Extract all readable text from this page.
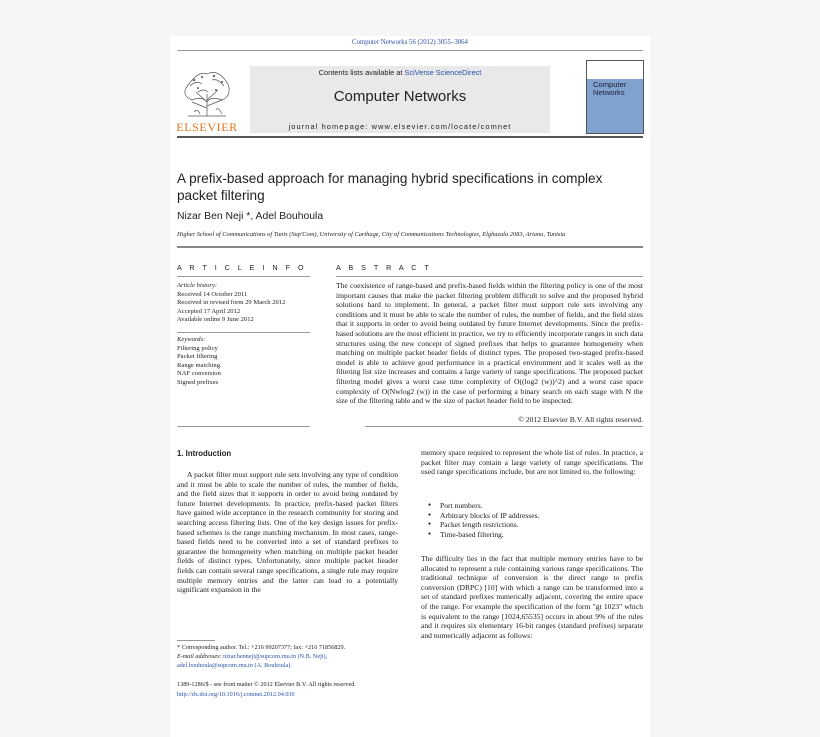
Computer Networks 56 (2012) 3055–3064
ELSEVIER
Contents lists available at SciVerse ScienceDirect
Computer Networks
journal homepage: www.elsevier.com/locate/comnet
Computer Networks
A prefix-based approach for managing hybrid specifications in complex packet filtering
Nizar Ben Neji *, Adel Bouhoula
Higher School of Communications of Tunis (Sup'Com), University of Carthage, City of Communications Technologies, Elghazala 2083, Ariana, Tunisia
A R T I C L E I N F O	A B S T R A C T
Article history:
Received 14 October 2011
Received in revised form 29 March 2012
Accepted 17 April 2012
Available online 9 June 2012
Keywords:
Filtering policy
Packet filtering
Range matching
NAF conversion
Signed prefixes
The coexistence of range-based and prefix-based fields within the filtering policy is one of the most important causes that make the packet filtering problem difficult to solve and the proposed hybrid solutions hard to implement. In general, a packet filter must support rule sets involving any conditions and it must be able to scale the number of rules, the number of fields, and the field sizes that it supports in order to avoid being outdated by future Internet developments. Since the prefix-based solutions are the most efficient in practice, we try to efficiently incorporate ranges in such data structures using the new concept of signed prefixes that helps to guarantee homogeneity when matching on multiple packet header fields of distinct types. The proposed two-staged prefix-based model is able to achieve good performance in a practical environment and it scales well as the filtering list size increases and contains a large variety of range specifications. The proposed packet filtering model gives a worst case time complexity of O((log2 (w))^2) and a worst case space complexity of O(Nwlog2 (w)) in the case of performing a binary search on each stage with N the size of the filtering table and w the size of packet header field to be inspected.
© 2012 Elsevier B.V. All rights reserved.
1. Introduction

A packet filter must support rule sets involving any type of condition and it must be able to scale the number of rules, the number of fields, and the field sizes that it supports in order to avoid being outdated by future Internet developments. In practice, prefix-based packet filters have gained wide acceptance in the research community for storing and searching access filtering lists. One of the key design issues for prefix-based schemes is the range matching mechanism. In most cases, range-based fields need to be converted into a set of standard prefixes to guarantee the homogeneity when matching on multiple packet header fields of distinct types. Unfortunately, since multiple packet header fields can contain several range specifications, a single rule may require multiple memory entries and the latter can lead to a potentially significant expansion in the

memory space required to represent the whole list of rules. In practice, a packet filter may contain a large variety of range specifications. The used range specifications include, but are not limited to, the following:
● Port numbers.
● Arbitrary blocks of IP addresses.
● Packet length restrictions.
● Time-based filtering.
The difficulty lies in the fact that multiple memory entries have to be allocated to represent a rule containing various range specifications. The traditional technique of conversion is the direct range to prefix conversion (DRPC) [10] with which a range can be transformed into a set of standard prefixes numerically adjacent, covering the entire space of the range. For example the specification of the form "gt 1023" which is equivalent to the range [1024,65535] occurs in about 9% of the rules and it requires six elementary 16-bit ranges (standard prefixes) separate and numerically adjacent as follows:
* Corresponding author. Tel.: +216 99207377; fax: +216 71856829.
E-mail addresses: nizar.benneji@supcom.rnu.tn (N.B. Neji), adel.bouhoula@supcom.rnu.tn (A. Bouhoula).
1389-1286/$ - see front matter © 2012 Elsevier B.V. All rights reserved.
http://dx.doi.org/10.1016/j.comnet.2012.04.030
